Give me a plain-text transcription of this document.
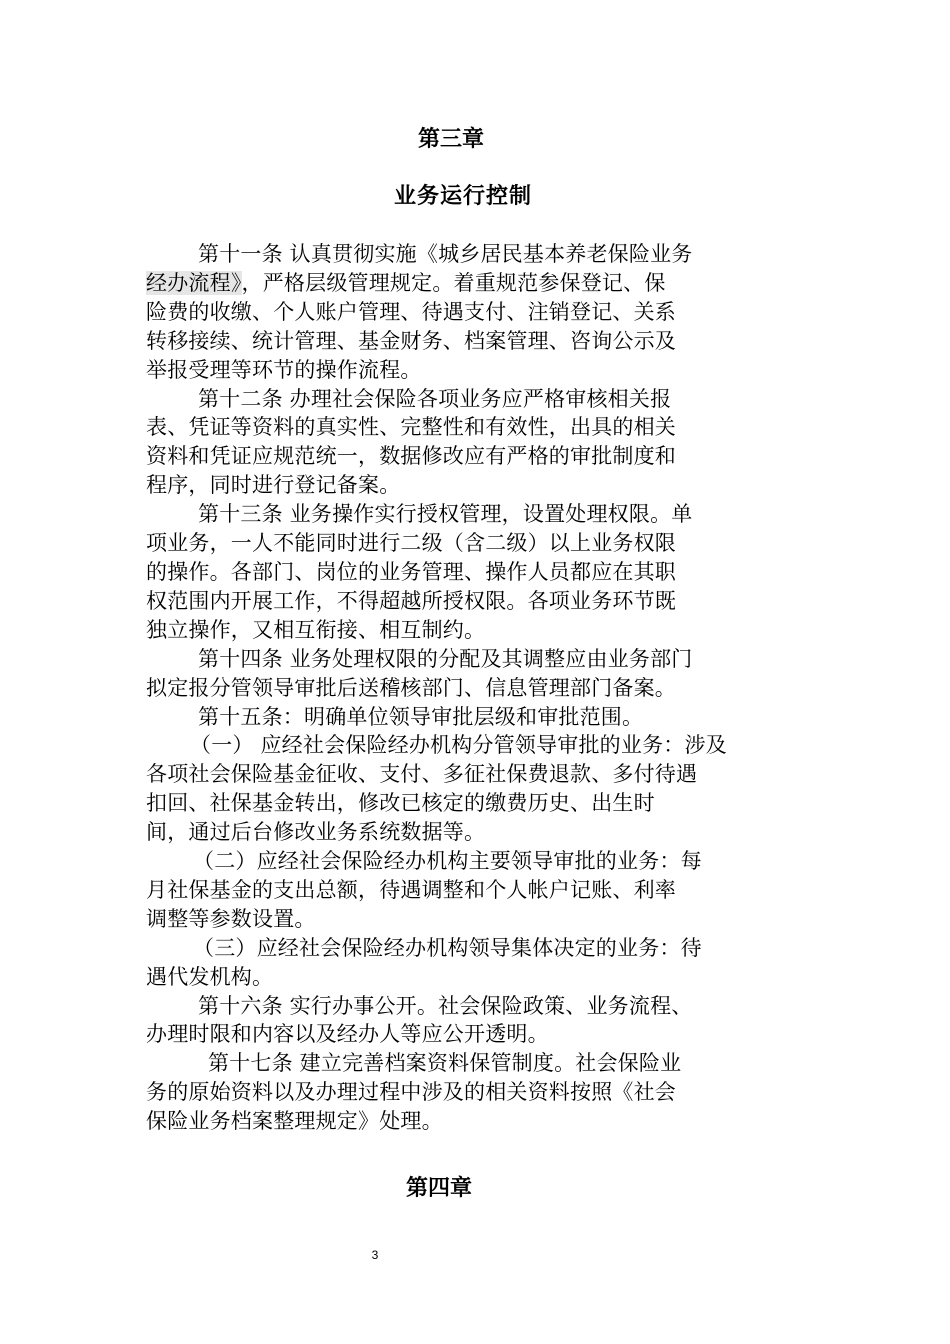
第三章
业务运行控制

第十一条 认真贯彻实施《城乡居民基本养老保险业务

经办流程》，严格层级管理规定。着重规范参保登记、保

险费的收缴、个人账户管理、待遇支付、注销登记、关系

转移接续、统计管理、基金财务、档案管理、咨询公示及

举报受理等环节的操作流程。

第十二条 办理社会保险各项业务应严格审核相关报

表、凭证等资料的真实性、完整性和有效性，出具的相关

资料和凭证应规范统一，数据修改应有严格的审批制度和

程序，同时进行登记备案。

第十三条 业务操作实行授权管理，设置处理权限。单

项业务，一人不能同时进行二级（含二级）以上业务权限

的操作。各部门、岗位的业务管理、操作人员都应在其职

权范围内开展工作，不得超越所授权限。各项业务环节既

独立操作，又相互衔接、相互制约。

第十四条 业务处理权限的分配及其调整应由业务部门

拟定报分管领导审批后送稽核部门、信息管理部门备案。

第十五条：明确单位领导审批层级和审批范围。

（一） 应经社会保险经办机构分管领导审批的业务：涉及

各项社会保险基金征收、支付、多征社保费退款、多付待遇

扣回、社保基金转出，修改已核定的缴费历史、出生时

间，通过后台修改业务系统数据等。

（二）应经社会保险经办机构主要领导审批的业务：每

月社保基金的支出总额，待遇调整和个人帐户记账、利率

调整等参数设置。

（三）应经社会保险经办机构领导集体决定的业务：待

遇代发机构。

第十六条 实行办事公开。社会保险政策、业务流程、

办理时限和内容以及经办人等应公开透明。

第十七条 建立完善档案资料保管制度。社会保险业

务的原始资料以及办理过程中涉及的相关资料按照《社会

保险业务档案整理规定》处理。

第四章
3
